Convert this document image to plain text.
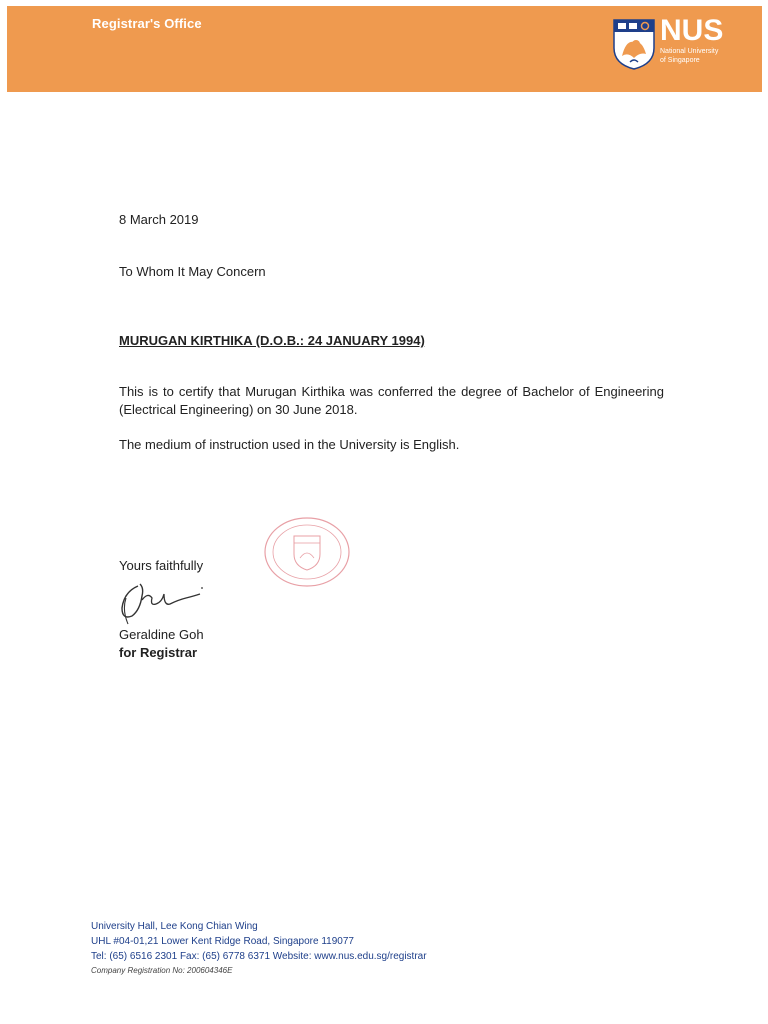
Registrar's Office	NUS
National University
of Singapore
8 March 2019
To Whom It May Concern
MURUGAN KIRTHIKA (D.O.B.: 24 JANUARY 1994)
This is to certify that Murugan Kirthika was conferred the degree of Bachelor of Engineering (Electrical Engineering) on 30 June 2018.
The medium of instruction used in the University is English.
Yours faithfully
Geraldine Goh
for Registrar
University Hall, Lee Kong Chian Wing
UHL #04-01,21 Lower Kent Ridge Road, Singapore 119077
Tel: (65) 6516 2301 Fax: (65) 6778 6371 Website: www.nus.edu.sg/registrar
Company Registration No: 200604346E
